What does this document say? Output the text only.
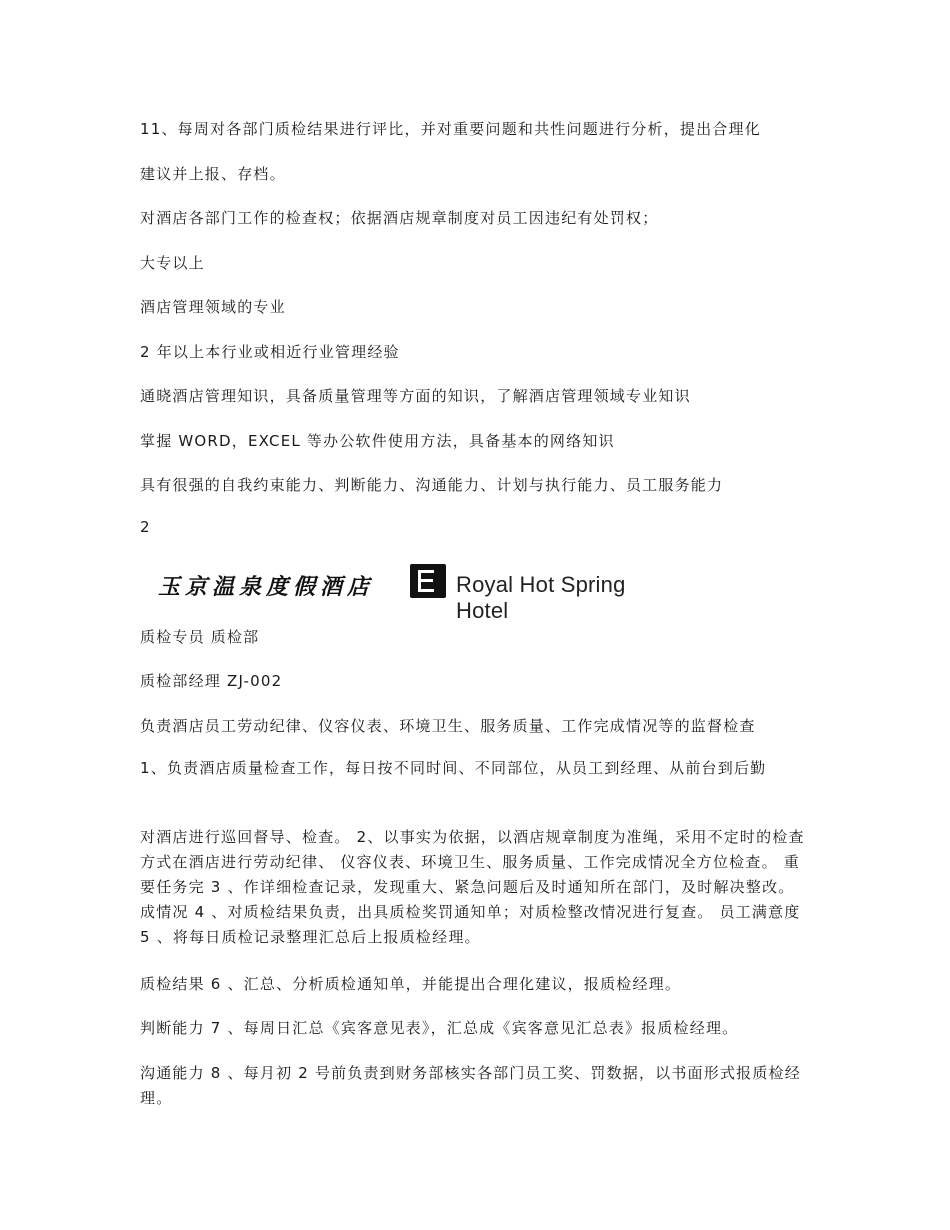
11、每周对各部门质检结果进行评比，并对重要问题和共性问题进行分析，提出合理化

建议并上报、存档。

对酒店各部门工作的检查权；依据酒店规章制度对员工因违纪有处罚权；

大专以上

酒店管理领域的专业

2 年以上本行业或相近行业管理经验

通晓酒店管理知识，具备质量管理等方面的知识，了解酒店管理领域专业知识

掌握 WORD，EXCEL 等办公软件使用方法，具备基本的网络知识

具有很强的自我约束能力、判断能力、沟通能力、计划与执行能力、员工服务能力

2

玉京温泉度假酒店	Royal Hot Spring Hotel

质检专员 质检部

质检部经理 ZJ-002

负责酒店员工劳动纪律、仪容仪表、环境卫生、服务质量、工作完成情况等的监督检查

1、负责酒店质量检查工作，每日按不同时间、不同部位，从员工到经理、从前台到后勤

对酒店进行巡回督导、检查。 2、以事实为依据，以酒店规章制度为准绳，采用不定时的检查方式在酒店进行劳动纪律、 仪容仪表、环境卫生、服务质量、工作完成情况全方位检查。 重要任务完 3 、作详细检查记录，发现重大、紧急问题后及时通知所在部门，及时解决整改。 成情况 4 、对质检结果负责，出具质检奖罚通知单；对质检整改情况进行复查。 员工满意度 5 、将每日质检记录整理汇总后上报质检经理。

质检结果 6 、汇总、分析质检通知单，并能提出合理化建议，报质检经理。

判断能力 7 、每周日汇总《宾客意见表》，汇总成《宾客意见汇总表》报质检经理。

沟通能力 8 、每月初 2 号前负责到财务部核实各部门员工奖、罚数据，以书面形式报质检经理。
